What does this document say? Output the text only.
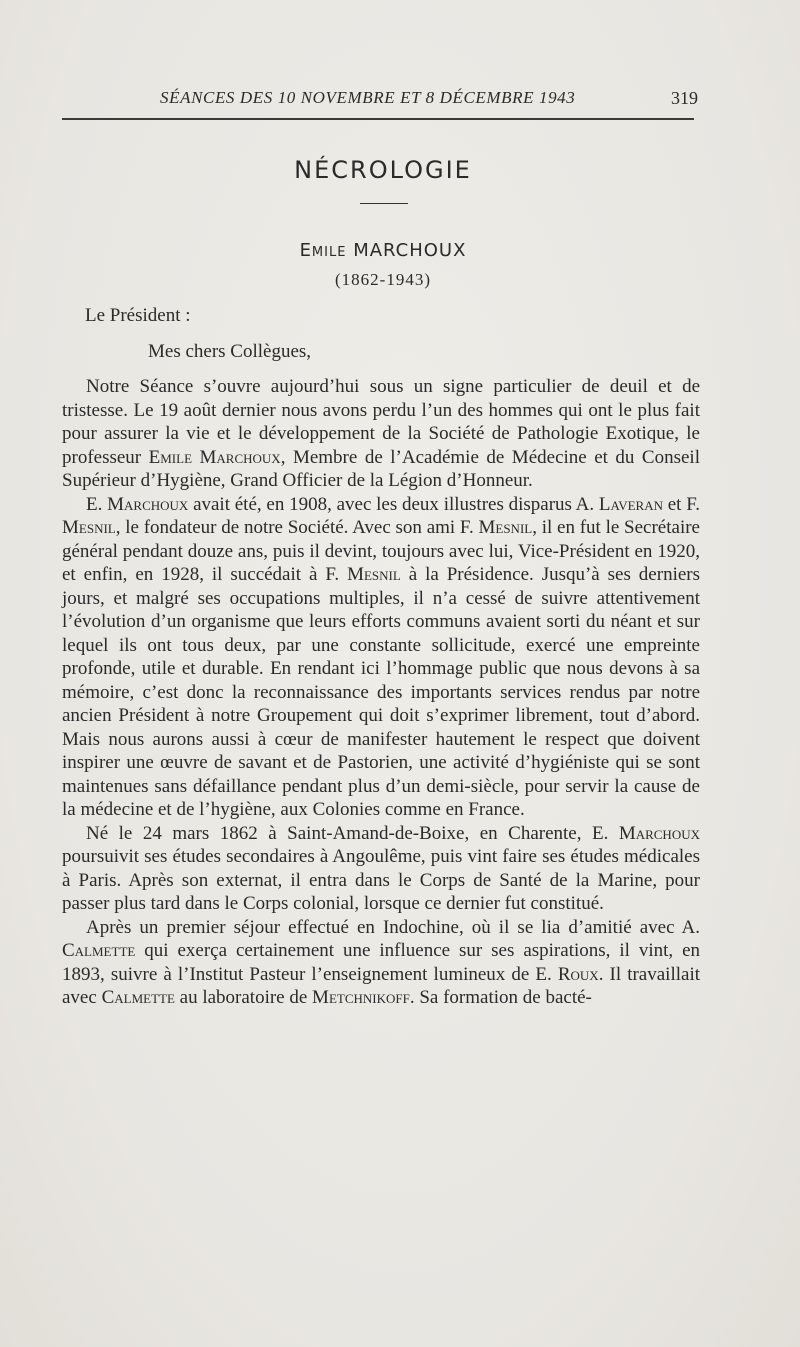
SÉANCES DES 10 NOVEMBRE ET 8 DÉCEMBRE 1943	319
NÉCROLOGIE
Emile MARCHOUX
(1862-1943)
Le Président :
Mes chers Collègues,

Notre Séance s’ouvre aujourd’hui sous un signe particulier de deuil et de tristesse. Le 19 août dernier nous avons perdu l’un des hommes qui ont le plus fait pour assurer la vie et le développement de la Société de Pathologie Exotique, le professeur Emile Marchoux, Membre de l’Académie de Médecine et du Conseil Supérieur d’Hygiène, Grand Officier de la Légion d’Honneur.

E. Marchoux avait été, en 1908, avec les deux illustres disparus A. Laveran et F. Mesnil, le fondateur de notre Société. Avec son ami F. Mesnil, il en fut le Secrétaire général pendant douze ans, puis il devint, toujours avec lui, Vice-Président en 1920, et enfin, en 1928, il succédait à F. Mesnil à la Présidence. Jusqu’à ses derniers jours, et malgré ses occupations multiples, il n’a cessé de suivre attentivement l’évolution d’un organisme que leurs efforts communs avaient sorti du néant et sur lequel ils ont tous deux, par une constante sollicitude, exercé une empreinte profonde, utile et durable. En rendant ici l’hommage public que nous devons à sa mémoire, c’est donc la reconnaissance des importants services rendus par notre ancien Président à notre Groupement qui doit s’exprimer librement, tout d’abord. Mais nous aurons aussi à cœur de manifester hautement le respect que doivent inspirer une œuvre de savant et de Pastorien, une activité d’hygiéniste qui se sont maintenues sans défaillance pendant plus d’un demi-siècle, pour servir la cause de la médecine et de l’hygiène, aux Colonies comme en France.

Né le 24 mars 1862 à Saint-Amand-de-Boixe, en Charente, E. Marchoux poursuivit ses études secondaires à Angoulême, puis vint faire ses études médicales à Paris. Après son externat, il entra dans le Corps de Santé de la Marine, pour passer plus tard dans le Corps colonial, lorsque ce dernier fut constitué.

Après un premier séjour effectué en Indochine, où il se lia d’amitié avec A. Calmette qui exerça certainement une influence sur ses aspirations, il vint, en 1893, suivre à l’Institut Pasteur l’enseignement lumineux de E. Roux. Il travaillait avec Calmette au laboratoire de Metchnikoff. Sa formation de bacté-
